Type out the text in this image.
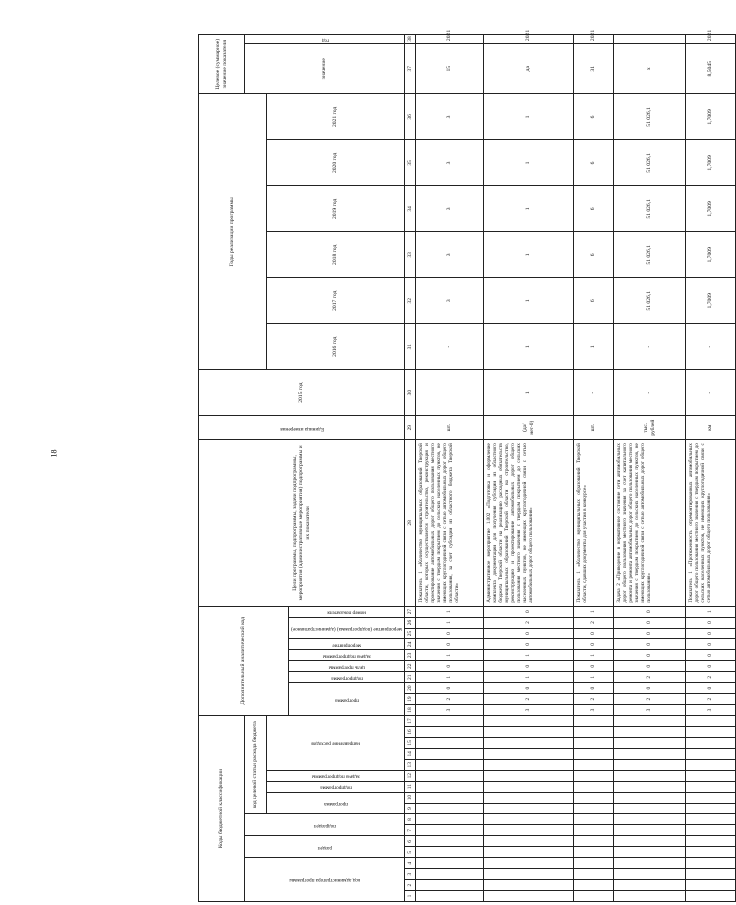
18
Коды бюджетной классификации																	Дополнительный аналитический код										Цели программы, подпрограммы, задачи подпрограммы, мероприятия (административные мероприятия) подпрограммы и их показатели	Единица измерения	2015 год	Годы реализации программы						Целевое (суммарное) значение показателя	
код администратора программы				раздел		подраздел		код целевой статьи расхода бюджета																												значение	год
								программа		подпрограмма	задача подпрограммы	направление расходов																		2016 год	2017 год	2018 год	2019 год	2020 год	2021 год		
																	программа			подпрограмма	цель программы	задача подпрограммы	мероприятие	мероприятие (подпрограмма) (административное)		номер показателя											
1	2	3	4	5	6	7	8	9	10	11	12	13	14	15	16	17	18	19	20	21	22	23	24	25	26	27	28	29	30	31	32	33	34	35	36	37	38
																	3	2	0	1	0	1	0	0	1	1	Показатель 1 «Количество муниципальных образований Тверской области, которых осуществляется строительство, реконструкция и проектирование автомобильных дорог общего пользования местного значения с твердым покрытием до сельских населенных пунктов, не имеющих круглогодичной связи с сетью автомобильных дорог общего пользования, за счет субсидии из областного бюджета Тверской области»	шт.		-	3	3	3	3	3	15	2021
																	3	2	0	1	0	1	0	0	2	0	Административное мероприятие 1.002 «Подготовка и оформление комплекта документации для получения субсидии из областного бюджета Тверской области на реализацию расходных обязательств муниципальных образований Тверской области на строительство, реконструкцию и проектирование автомобильных дорог общего пользования местного значения с твердым покрытием до сельских населенных пунктов, не имеющих круглогодичной связи с сетью автомобильных дорог общего пользования»	(да/нет-0)	1	1	1	1	1	1	1	да	2021
																	3	2	0	1	0	1	0	0	2	1	Показатель 1 «Количество муниципальных образований Тверской области, сдавших документы для участия в конкурсе»	шт.	-	1	6	6	6	6	6	31	2021
																	3	2	0	2	0	0	0	0	0	0	Задача 2 «Приведение в нормативное состояние сети автомобильных дорог общего пользования местного значения за счет капитального ремонта и ремонта автомобильных дорог общего пользования местного значения с твердым покрытием до сельских населенных пунктов, не имеющих круглогодичной связи с сетью автомобильных дорог общего пользования»	тыс. рублей	-	-	51 026,1	51 026,1	51 026,1	51 026,1	51 026,1	х	
																	3	2	0	2	0	0	0	0	0	1	Показатель 1 «Протяженность отремонтированных автомобильных дорог общего пользования местного значения с твердым покрытием до сельских населенных пунктов, не имеющих круглогодичной связи с сетью автомобильных дорог общего пользования»	км	-	-	1,7009	1,7009	1,7009	1,7009	1,7009	8,5045	2021
